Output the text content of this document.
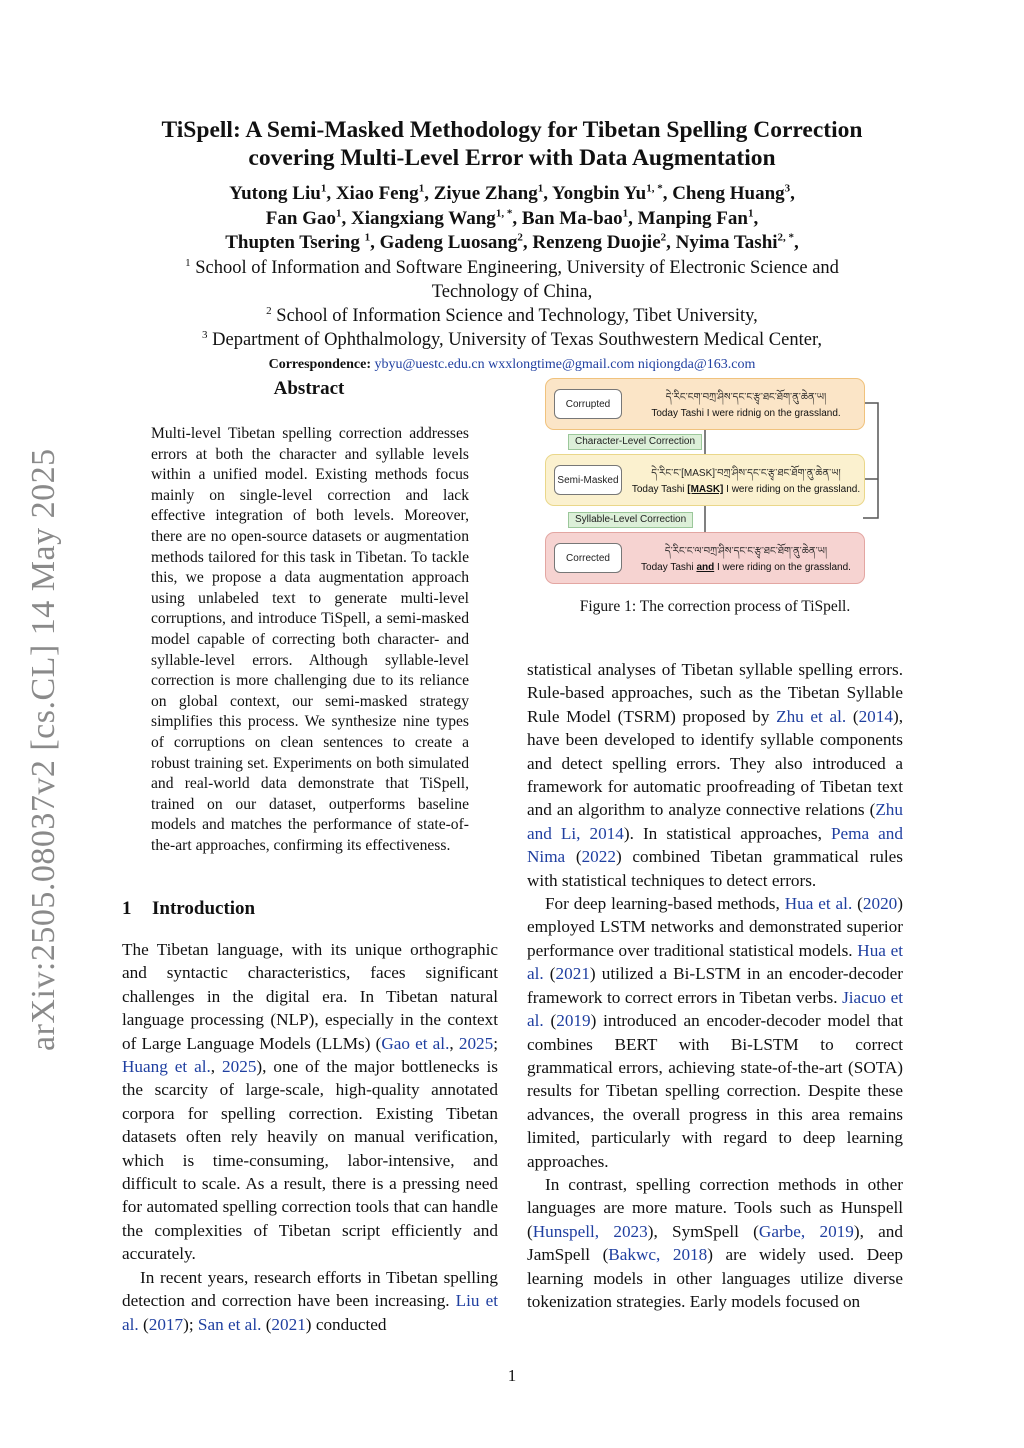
arXiv:2505.08037v2 [cs.CL] 14 May 2025
TiSpell: A Semi-Masked Methodology for Tibetan Spelling Correction
covering Multi-Level Error with Data Augmentation
Yutong Liu$^1$, Xiao Feng$^1$, Ziyue Zhang$^1$, Yongbin $Yu^{1, *}$, Cheng Huang$^3$,
Fan Gao$^1$, Xiangxiang Wang$^{1, *}$, Ban Ma-bao$^1$, Manping Fan$^1$,
Thupten Tsering $^1$, Gadeng Luosang$^2$, Renzeng Duojie$^2$, Nyima Tashi$^{2, *}$,
$^1$ School of Information and Software Engineering, University of Electronic Science and
Technology of China,
$^2$ School of Information Science and Technology, Tibet University,
$^3$ Department of Ophthalmology, University of Texas Southwestern Medical Center,
Correspondence: ybyu@uestc.edu.cn wxxlongtime@gmail.com niqiongda@163.com
Abstract
Multi-level Tibetan spelling correction addresses errors at both the character and syllable levels within a unified model. Existing methods focus mainly on single-level correction and lack effective integration of both levels. Moreover, there are no open-source datasets or augmentation methods tailored for this task in Tibetan. To tackle this, we propose a data augmentation approach using unlabeled text to generate multi-level corruptions, and introduce TiSpell, a semi-masked model capable of correcting both character- and syllable-level errors. Although syllable-level correction is more challenging due to its reliance on global context, our semi-masked strategy simplifies this process. We synthesize nine types of corruptions on clean sentences to create a robust training set. Experiments on both simulated and real-world data demonstrate that TiSpell, trained on our dataset, outperforms baseline models and matches the performance of state-of-the-art approaches, confirming its effectiveness.
1 Introduction

The Tibetan language, with its unique orthographic and syntactic characteristics, faces significant challenges in the digital era. In Tibetan natural language processing (NLP), especially in the context of Large Language Models (LLMs) (Gao et al., 2025; Huang et al., 2025), one of the major bottlenecks is the scarcity of large-scale, high-quality annotated corpora for spelling correction. Existing Tibetan datasets often rely heavily on manual verification, which is time-consuming, labor-intensive, and difficult to scale. As a result, there is a pressing need for automated spelling correction tools that can handle the complexities of Tibetan script efficiently and accurately.

In recent years, research efforts in Tibetan spelling detection and correction have been increasing. Liu et al. (2017); San et al. (2021) conducted

Corrupted
དེ་རིང་ངག་བཀྲ་ཤིས་དང་ང་རྩྭ་ཐང་ཐོག་ནུ་ཆེན་ཡ།
Today Tashi I were ridnig on the grassland.
Character-Level Correction
Semi-Masked
དེ་རིང་ང་[MASK]་བཀྲ་ཤིས་དང་ང་རྩྭ་ཐང་ཐོག་ནུ་ཆེན་ཡ།
Today Tashi [MASK] I were riding on the grassland.
Syllable-Level Correction
Corrected
དེ་རིང་ང་ལ་བཀྲ་ཤིས་དང་ང་རྩྭ་ཐང་ཐོག་ནུ་ཆེན་ཡ།
Today Tashi and I were riding on the grassland.
Figure 1: The correction process of TiSpell.

statistical analyses of Tibetan syllable spelling errors. Rule-based approaches, such as the Tibetan Syllable Rule Model (TSRM) proposed by Zhu et al. (2014), have been developed to identify syllable components and detect spelling errors. They also introduced a framework for automatic proofreading of Tibetan text and an algorithm to analyze connective relations (Zhu and Li, 2014). In statistical approaches, Pema and Nima (2022) combined Tibetan grammatical rules with statistical techniques to detect errors.

For deep learning-based methods, Hua et al. (2020) employed LSTM networks and demonstrated superior performance over traditional statistical models. Hua et al. (2021) utilized a Bi-LSTM in an encoder-decoder framework to correct errors in Tibetan verbs. Jiacuo et al. (2019) introduced an encoder-decoder model that combines BERT with Bi-LSTM to correct grammatical errors, achieving state-of-the-art (SOTA) results for Tibetan spelling correction. Despite these advances, the overall progress in this area remains limited, particularly with regard to deep learning approaches.

In contrast, spelling correction methods in other languages are more mature. Tools such as Hunspell (Hunspell, 2023), SymSpell (Garbe, 2019), and JamSpell (Bakwc, 2018) are widely used. Deep learning models in other languages utilize diverse tokenization strategies. Early models focused on

1
